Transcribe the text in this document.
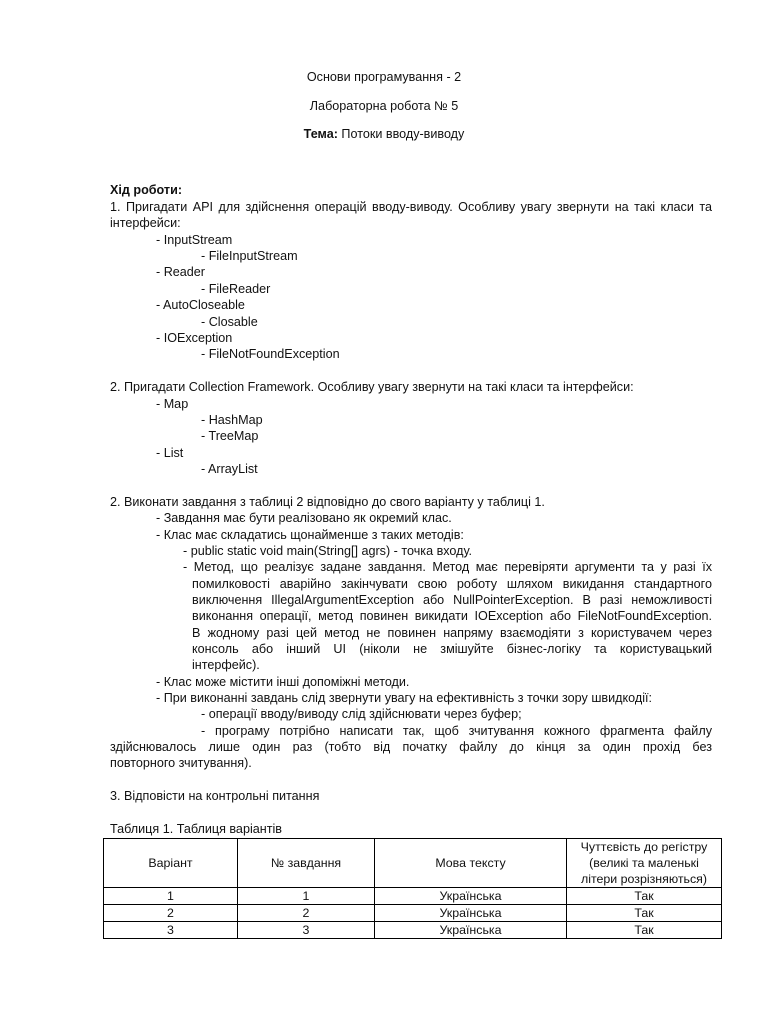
Основи програмування - 2
Лабораторна робота № 5
Тема: Потоки вводу-виводу
Хід роботи:
1. Пригадати API для здійснення операцій вводу-виводу. Особливу увагу звернути на такі класи та
інтерфейси:
- InputStream
- FileInputStream
- Reader
- FileReader
- AutoCloseable
- Closable
- IOException
- FileNotFoundException
2. Пригадати Collection Framework. Особливу увагу звернути на такі класи та інтерфейси:
- Map
- HashMap
- TreeMap
- List
- ArrayList
2. Виконати завдання з таблиці 2 відповідно до свого варіанту у таблиці 1.
- Завдання має бути реалізовано як окремий клас.
- Клас має складатись щонайменше з таких методів:
- public static void main(String[] agrs) - точка входу.
- Метод, що реалізує задане завдання. Метод має перевіряти аргументи та у разі їх
помилковості аварійно закінчувати свою роботу шляхом викидання стандартного
виключення IllegalArgumentException або NullPointerException. В разі неможливості
виконання операції, метод повинен викидати IOException або FileNotFoundException.
В жодному разі цей метод не повинен напряму взаємодіяти з користувачем через
консоль або інший UI (ніколи не змішуйте бізнес-логіку та користувацький
інтерфейс).
- Клас може містити інші допоміжні методи.
- При виконанні завдань слід звернути увагу на ефективність з точки зору швидкодії:
- операції вводу/виводу слід здійснювати через буфер;
- програму потрібно написати так, щоб зчитування кожного фрагмента файлу
здійснювалось лише один раз (тобто від початку файлу до кінця за один прохід без
повторного зчитування).
3. Відповісти на контрольні питання
Таблиця 1. Таблиця варіантів
Варіант	№ завдання	Мова тексту	Чуттєвість до регістру
(великі та маленькі
літери розрізняються)

1	1	Українська	Так
2	2	Українська	Так
3	3	Українська	Так
